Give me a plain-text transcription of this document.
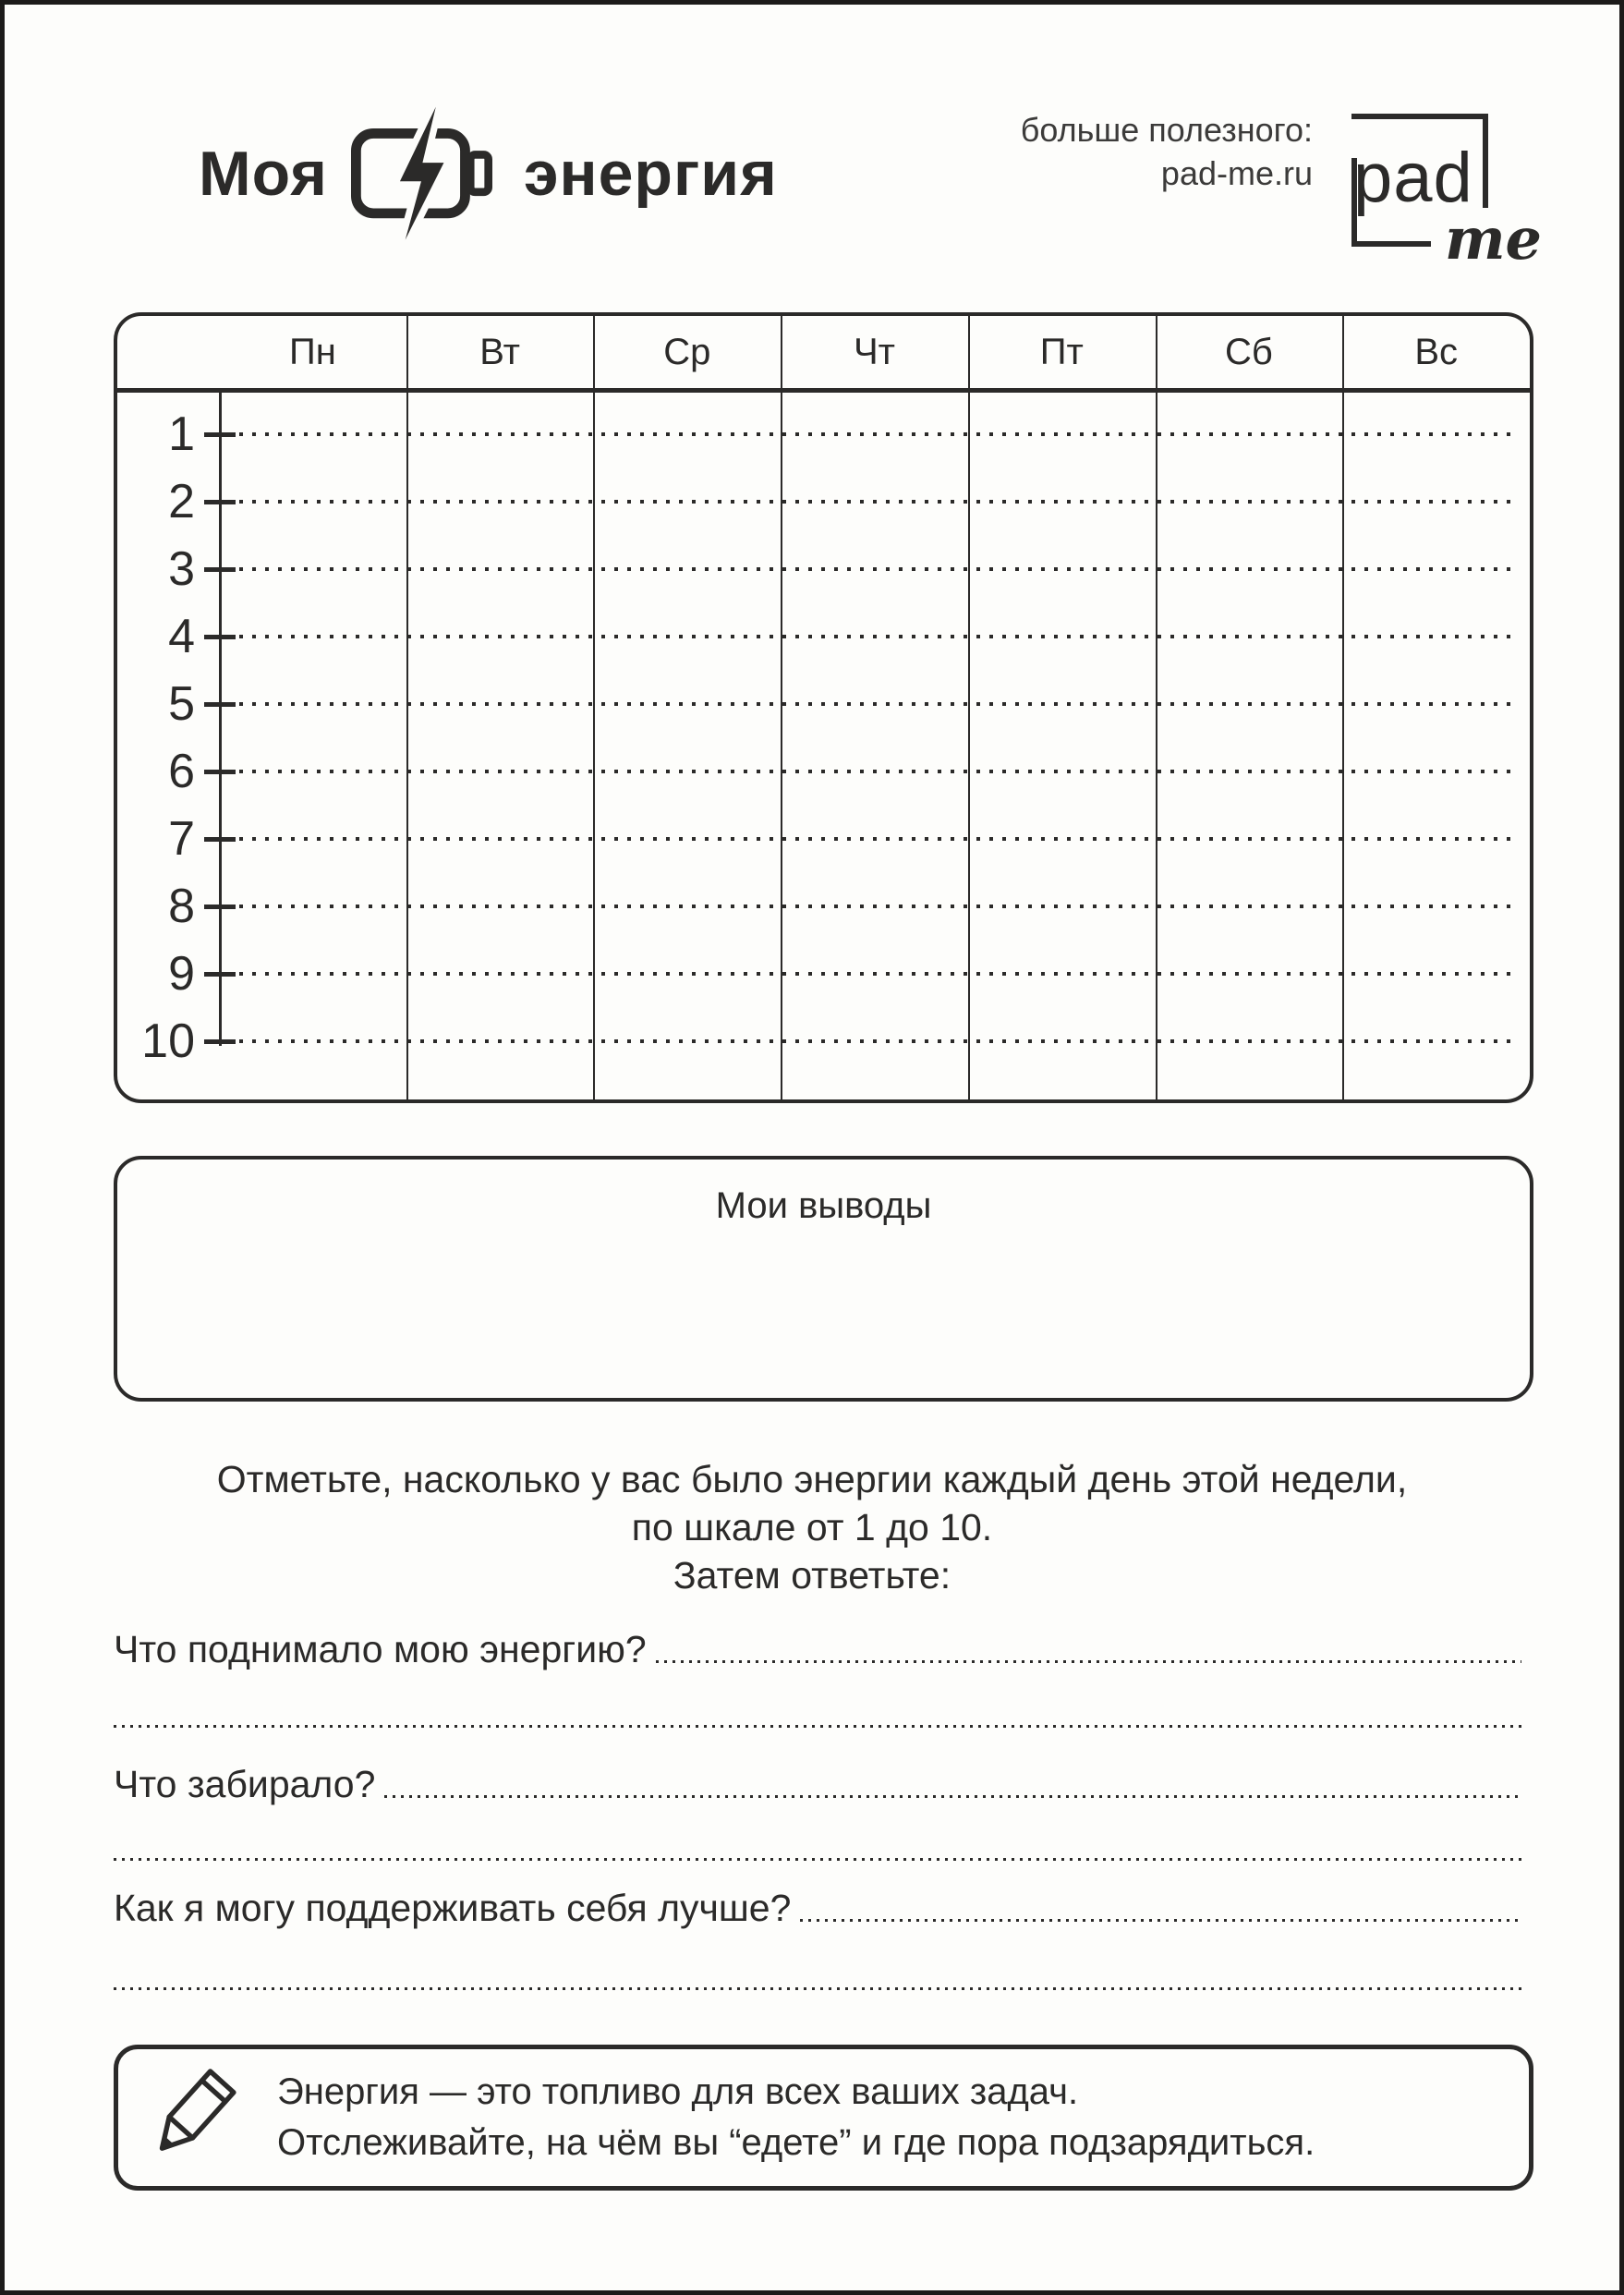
Моя	энергия
больше полезного:
pad-me.ru pad
me
Пн	Вт	Ср	Чт	Пт	Сб	Вс
1
2
3
4
5
6
7
8
9
10
Мои выводы
Отметьте, насколько у вас было энергии каждый день этой недели,
по шкале от 1 до 10.
Затем ответьте:
Что поднимало мою энергию?
Что забирало?
Как я могу поддерживать себя лучше?
Энергия — это топливо для всех ваших задач.
Отслеживайте, на чём вы “едете” и где пора подзарядиться.
